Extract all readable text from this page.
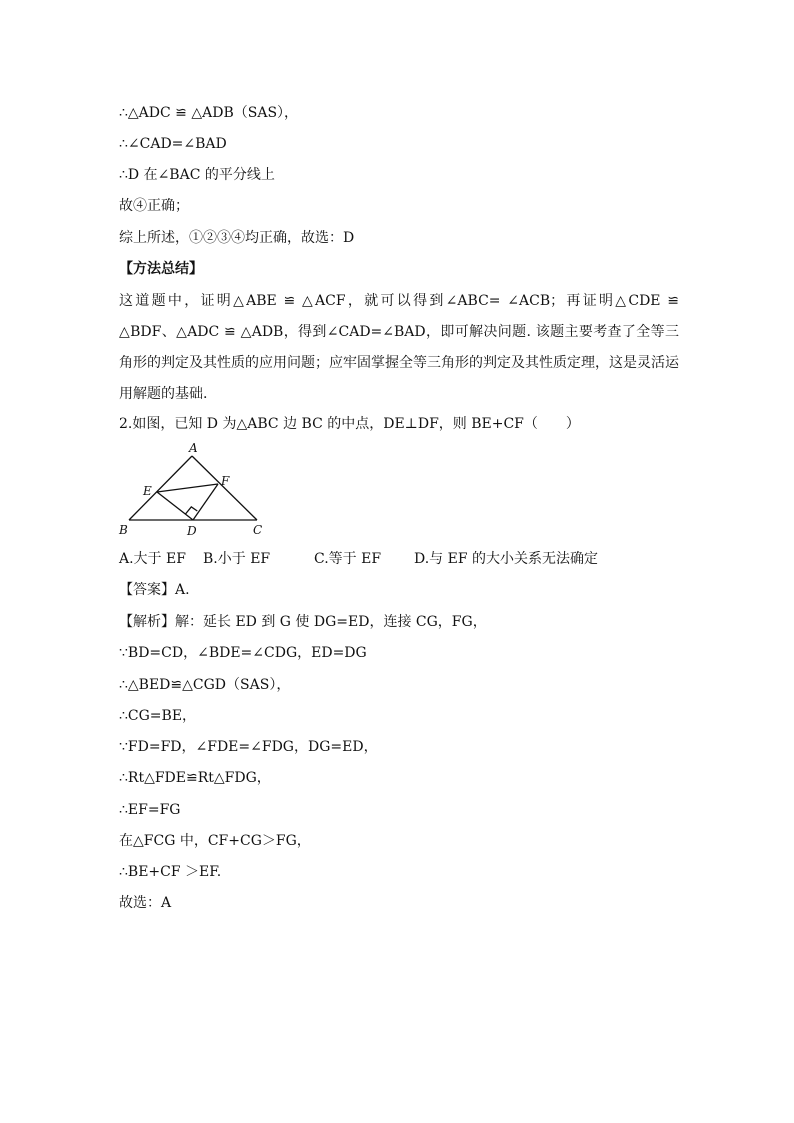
∴△ADC ≌ △ADB（SAS），
∴∠CAD=∠BAD
∴D 在∠BAC 的平分线上
故④正确；
综上所述，①②③④均正确，故选：D
【方法总结】
这道题中，证明△ABE ≌ △ACF，就可以得到∠ABC= ∠ACB；再证明△CDE ≌ △BDF、△ADC ≌ △ADB，得到∠CAD=∠BAD，即可解决问题. 该题主要考查了全等三角形的判定及其性质的应用问题；应牢固掌握全等三角形的判定及其性质定理，这是灵活运用解题的基础.
2.如图，已知 D 为△ABC 边 BC 的中点，DE⊥DF，则 BE+CF（　　）
A.大于 EF	B.小于 EF	C.等于 EF	D.与 EF 的大小关系无法确定
【答案】A.
【解析】解：延长 ED 到 G 使 DG=ED，连接 CG，FG，
∵BD=CD，∠BDE=∠CDG，ED=DG
∴△BED≌△CGD（SAS），
∴CG=BE，
∵FD=FD，∠FDE=∠FDG，DG=ED，
∴Rt△FDE≌Rt△FDG，
∴EF=FG
在△FCG 中，CF+CG＞FG，
∴BE+CF ＞EF.
故选：A
A
B	C
D
E
F
